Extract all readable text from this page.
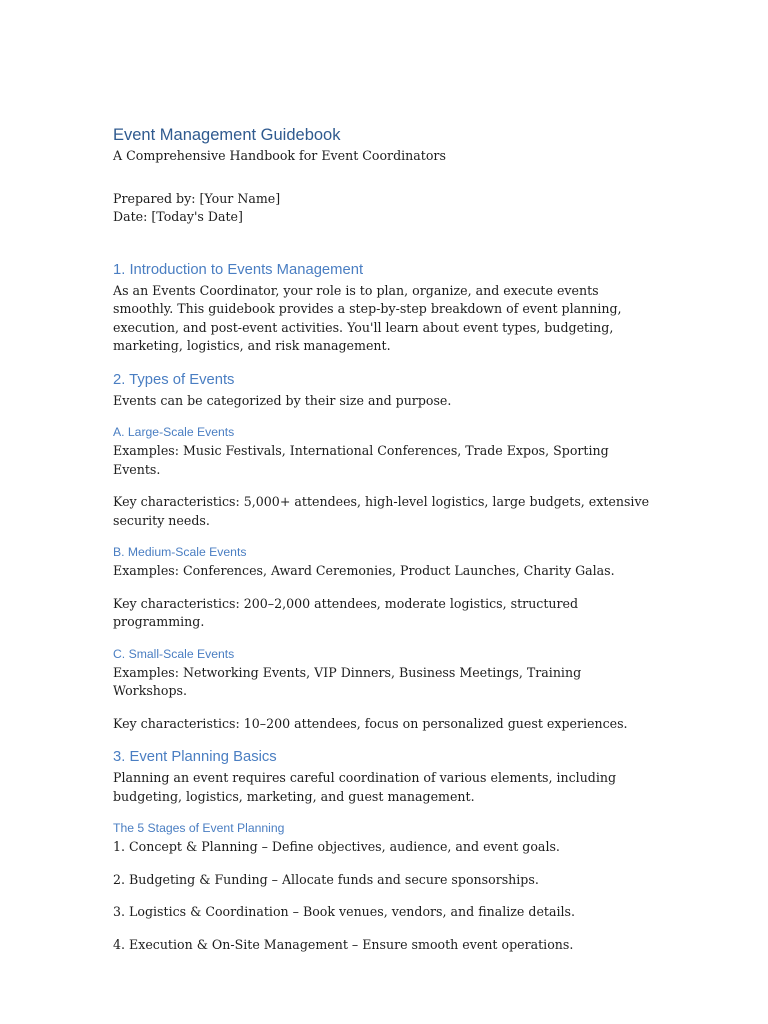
Event Management Guidebook

A Comprehensive Handbook for Event Coordinators

Prepared by: [Your Name]

Date: [Today's Date]

1. Introduction to Events Management

As an Events Coordinator, your role is to plan, organize, and execute events smoothly. This guidebook provides a step-by-step breakdown of event planning, execution, and post-event activities. You'll learn about event types, budgeting, marketing, logistics, and risk management.

2. Types of Events

Events can be categorized by their size and purpose.

A. Large-Scale Events

Examples: Music Festivals, International Conferences, Trade Expos, Sporting Events.

Key characteristics: 5,000+ attendees, high-level logistics, large budgets, extensive security needs.

B. Medium-Scale Events

Examples: Conferences, Award Ceremonies, Product Launches, Charity Galas.

Key characteristics: 200–2,000 attendees, moderate logistics, structured programming.

C. Small-Scale Events

Examples: Networking Events, VIP Dinners, Business Meetings, Training Workshops.

Key characteristics: 10–200 attendees, focus on personalized guest experiences.

3. Event Planning Basics

Planning an event requires careful coordination of various elements, including budgeting, logistics, marketing, and guest management.

The 5 Stages of Event Planning

1. Concept & Planning – Define objectives, audience, and event goals.

2. Budgeting & Funding – Allocate funds and secure sponsorships.

3. Logistics & Coordination – Book venues, vendors, and finalize details.

4. Execution & On-Site Management – Ensure smooth event operations.
